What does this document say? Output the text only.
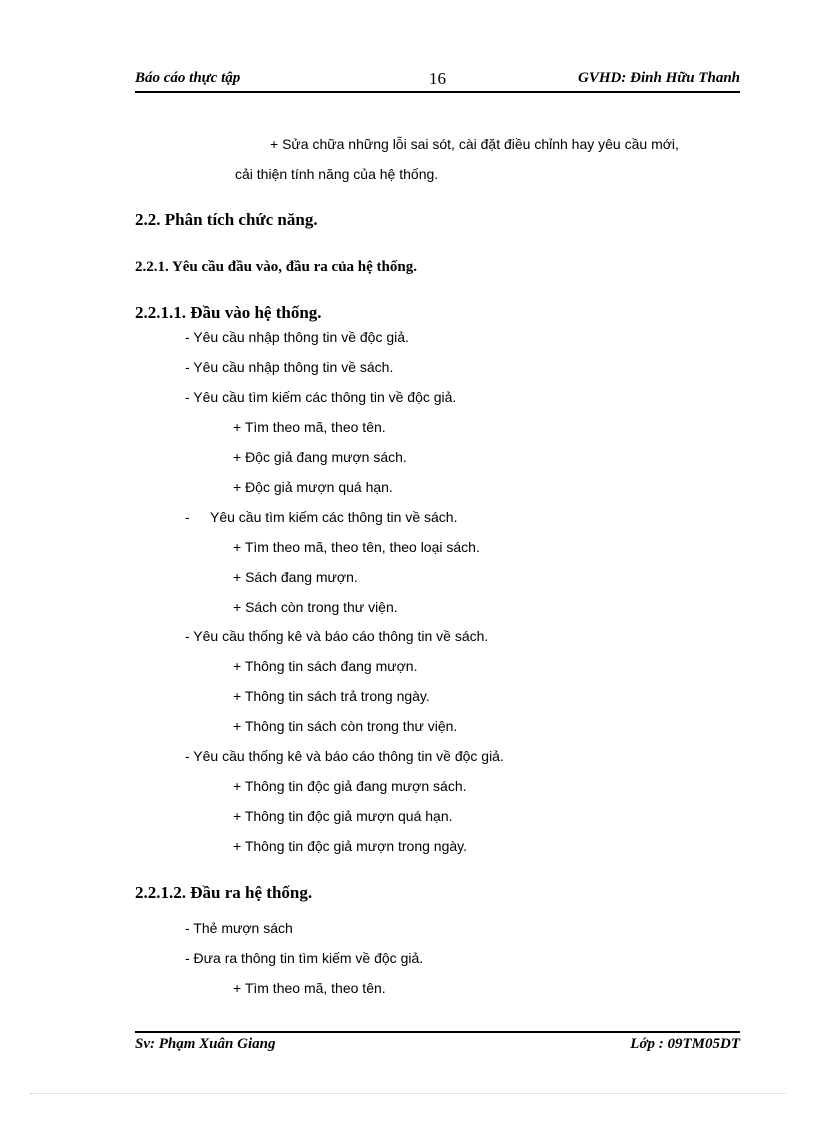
Báo cáo thực tập	16	GVHD: Đinh Hữu Thanh
+ Sửa chữa những lỗi sai sót, cài đặt điều chỉnh hay yêu cầu mới,
cải thiện tính năng của hệ thống.
2.2. Phân tích chức năng.
2.2.1. Yêu cầu đầu vào, đầu ra của hệ thống.
2.2.1.1. Đầu vào hệ thống.
- Yêu cầu nhập thông tin về độc giả.
- Yêu cầu nhập thông tin về sách.
- Yêu cầu tìm kiếm các thông tin về độc giả.
+ Tìm theo mã, theo tên.
+ Độc giả đang mượn sách.
+ Độc giả mượn quá hạn.
- Yêu cầu tìm kiếm các thông tin về sách.
+ Tìm theo mã, theo tên, theo loại sách.
+ Sách đang mượn.
+ Sách còn trong thư viện.
- Yêu cầu thống kê và báo cáo thông tin về sách.
+ Thông tin sách đang mượn.
+ Thông tin sách trả trong ngày.
+ Thông tin sách còn trong thư viện.
- Yêu cầu thống kê và báo cáo thông tin về độc giả.
+ Thông tin độc giả đang mượn sách.
+ Thông tin độc giả mượn quá hạn.
+ Thông tin độc giả mượn trong ngày.
2.2.1.2. Đầu ra hệ thống.
- Thẻ mượn sách
- Đưa ra thông tin tìm kiếm về độc giả.
+ Tìm theo mã, theo tên.
Sv: Phạm Xuân Giang	Lớp : 09TM05DT
